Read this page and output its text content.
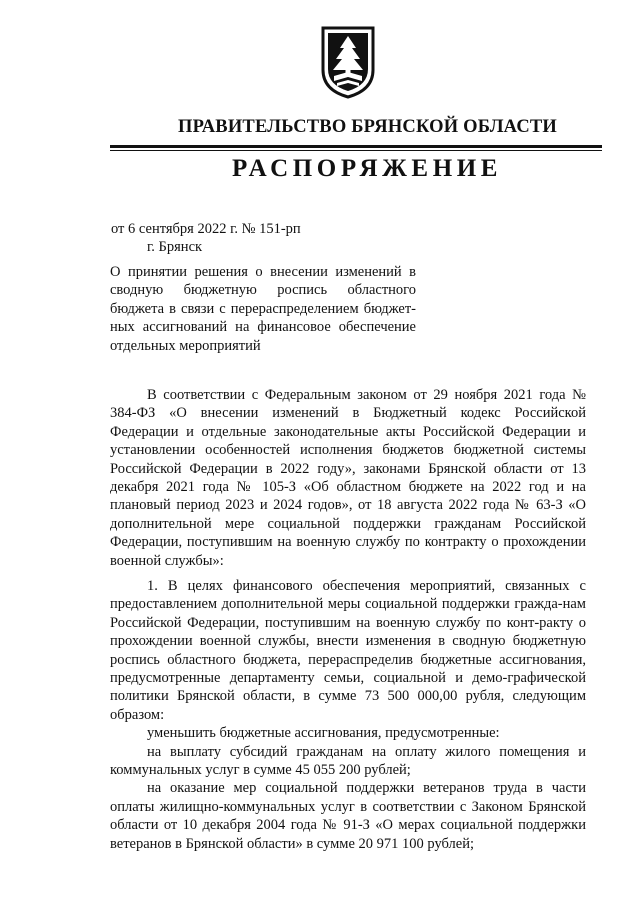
ПРАВИТЕЛЬСТВО БРЯНСКОЙ ОБЛАСТИ
РАСПОРЯЖЕНИЕ
от 6 сентября 2022 г. № 151-рп
г. Брянск
О принятии решения о внесении изменений в сводную бюджетную роспись областного бюджета в связи с перераспределением бюджет-ных ассигнований на финансовое обеспечение отдельных мероприятий

В соответствии с Федеральным законом от 29 ноября 2021 года № 384-ФЗ «О внесении изменений в Бюджетный кодекс Российской Федерации и отдельные законодательные акты Российской Федерации и установлении особенностей исполнения бюджетов бюджетной системы Российской Федерации в 2022 году», законами Брянской области от 13 декабря 2021 года № 105-З «Об областном бюджете на 2022 год и на плановый период 2023 и 2024 годов», от 18 августа 2022 года № 63-З «О дополнительной мере социальной поддержки гражданам Российской Федерации, поступившим на военную службу по контракту о прохождении военной службы»:

1. В целях финансового обеспечения мероприятий, связанных с предоставлением дополнительной меры социальной поддержки гражда-нам Российской Федерации, поступившим на военную службу по конт-ракту о прохождении военной службы, внести изменения в сводную бюджетную роспись областного бюджета, перераспределив бюджетные ассигнования, предусмотренные департаменту семьи, социальной и демо-графической политики Брянской области, в сумме 73 500 000,00 рубля, следующим образом:

уменьшить бюджетные ассигнования, предусмотренные:

на выплату субсидий гражданам на оплату жилого помещения и коммунальных услуг в сумме 45 055 200 рублей;

на оказание мер социальной поддержки ветеранов труда в части оплаты жилищно-коммунальных услуг в соответствии с Законом Брянской области от 10 декабря 2004 года № 91-З «О мерах социальной поддержки ветеранов в Брянской области» в сумме 20 971 100 рублей;
